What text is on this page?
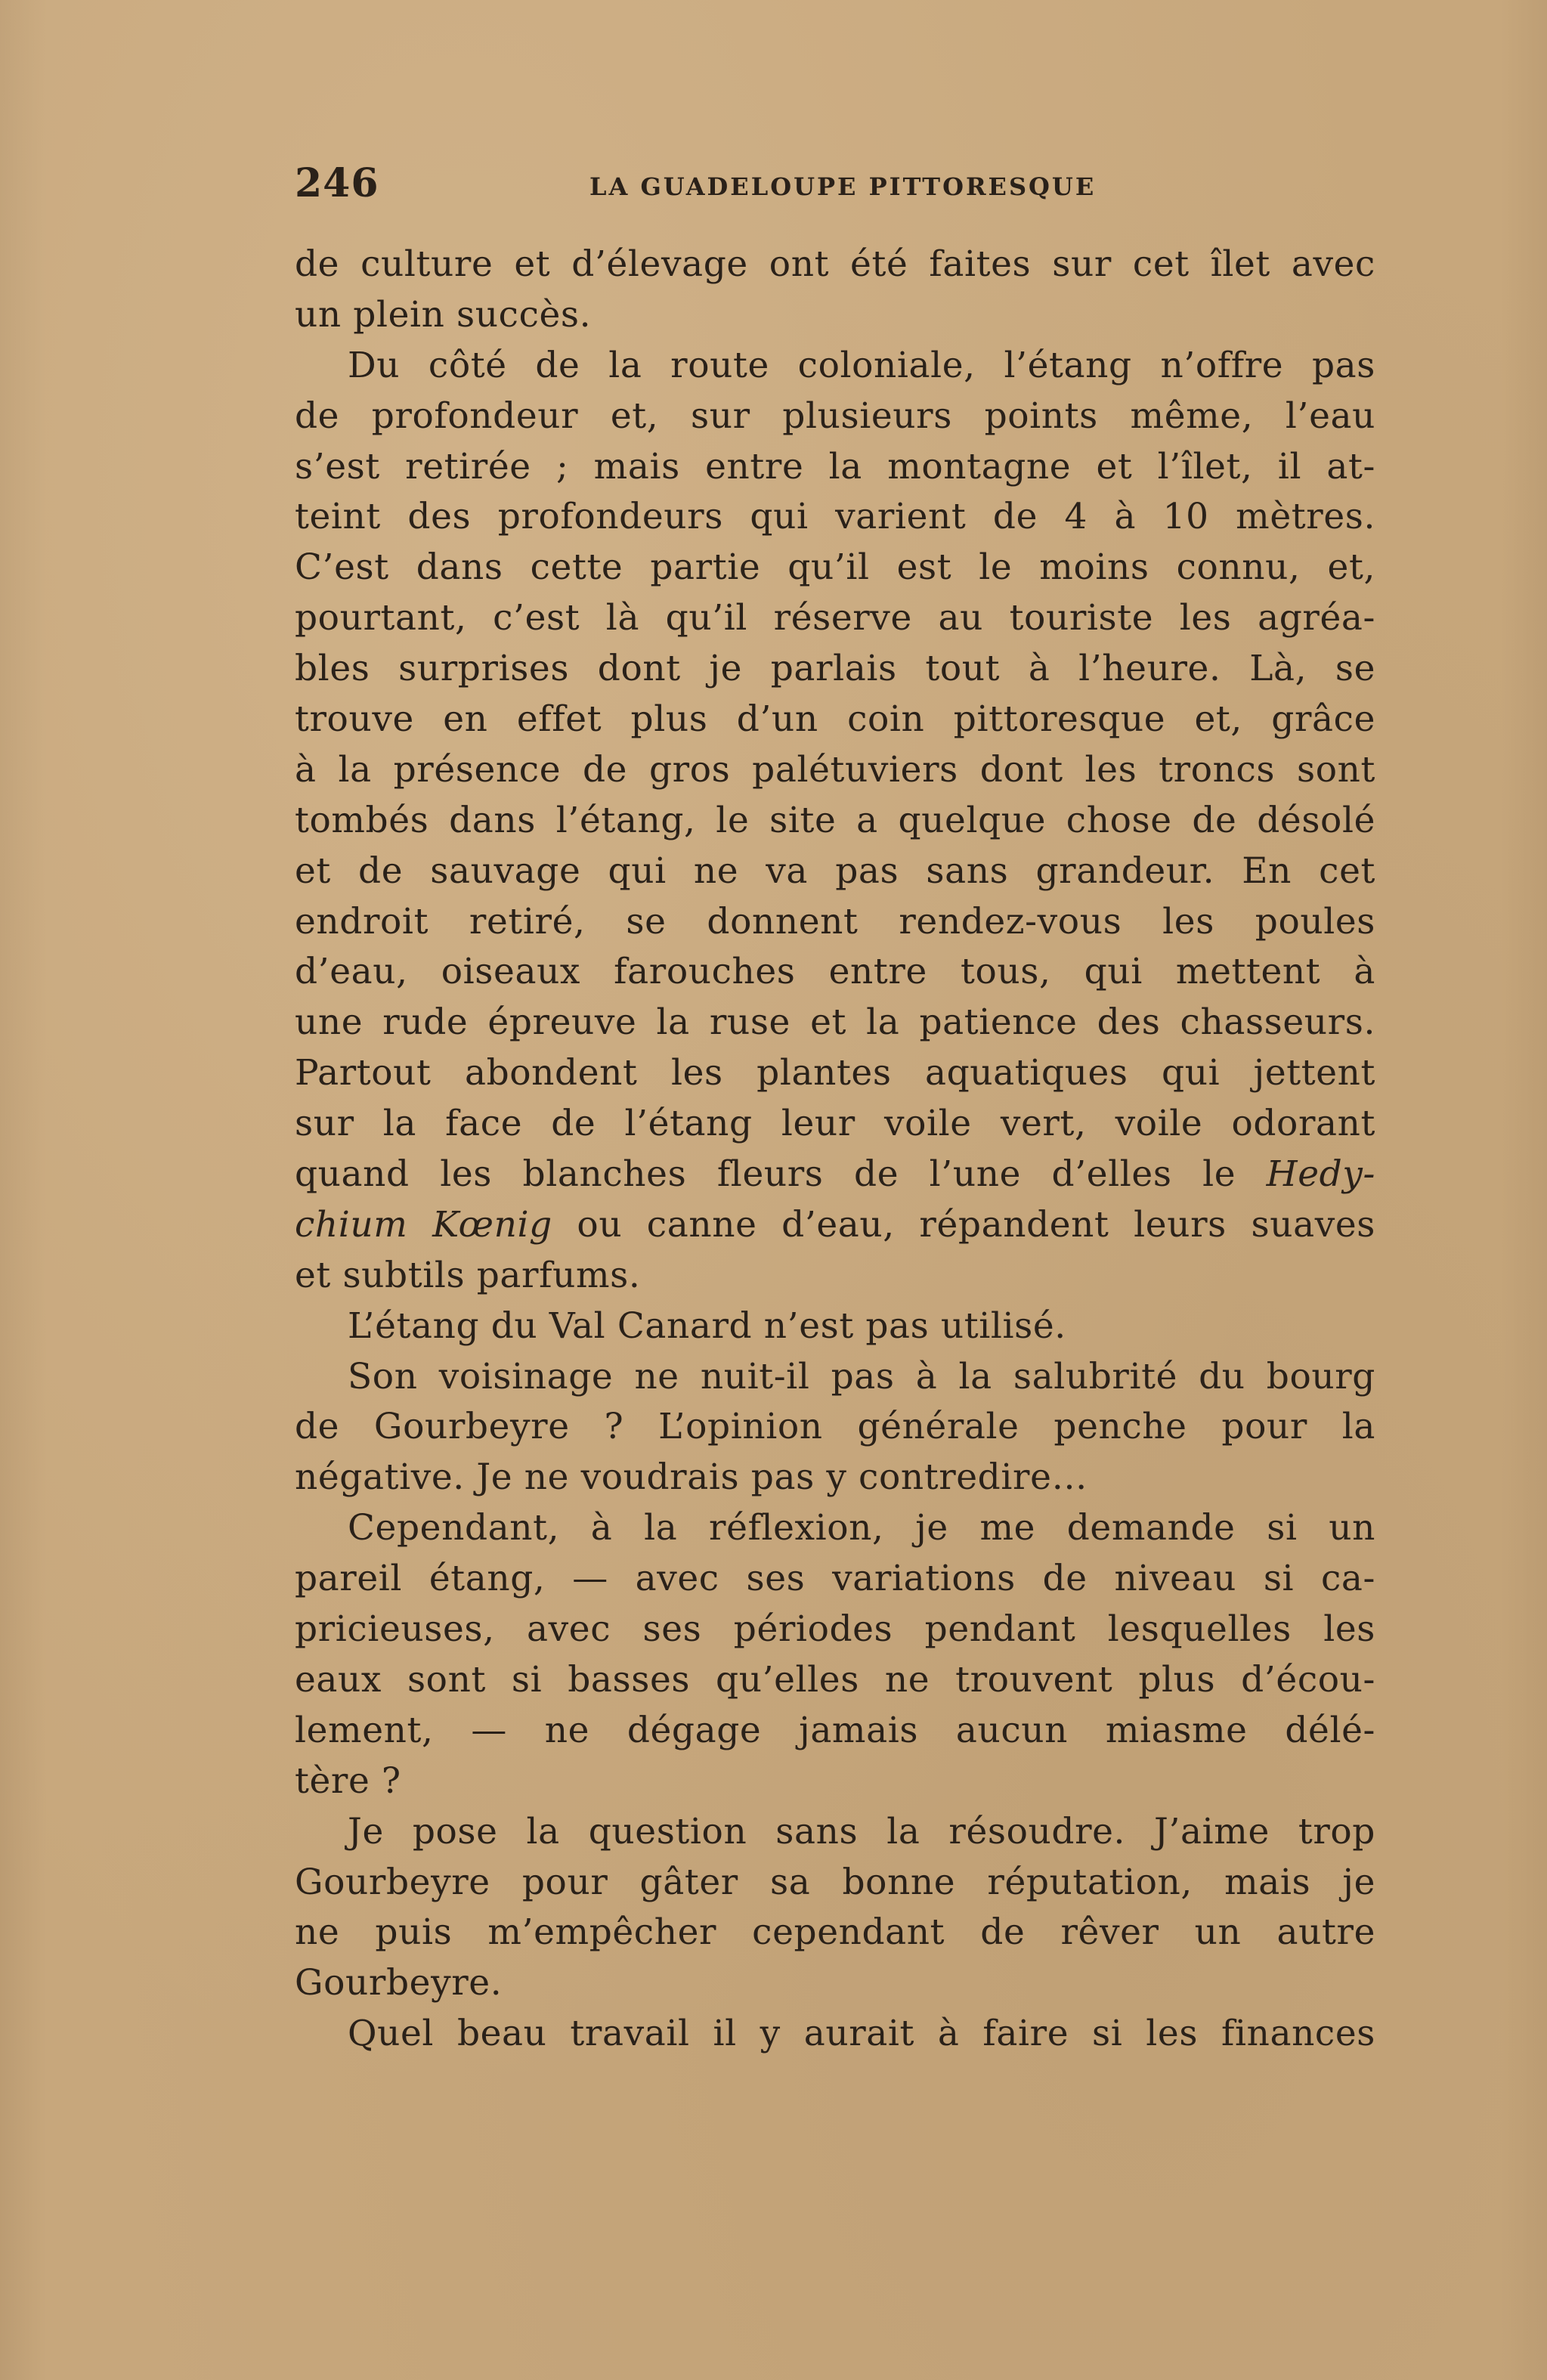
246	LA GUADELOUPE PITTORESQUE
de culture et d’élevage ont été faites sur cet îlet avec
un plein succès.
Du côté de la route coloniale, l’étang n’offre pas
de profondeur et, sur plusieurs points même, l’eau
s’est retirée ; mais entre la montagne et l’îlet, il at-
teint des profondeurs qui varient de 4 à 10 mètres.
C’est dans cette partie qu’il est le moins connu, et,
pourtant, c’est là qu’il réserve au touriste les agréa-
bles surprises dont je parlais tout à l’heure. Là, se
trouve en effet plus d’un coin pittoresque et, grâce
à la présence de gros palétuviers dont les troncs sont
tombés dans l’étang, le site a quelque chose de désolé
et de sauvage qui ne va pas sans grandeur. En cet
endroit retiré, se donnent rendez-vous les poules
d’eau, oiseaux farouches entre tous, qui mettent à
une rude épreuve la ruse et la patience des chasseurs.
Partout abondent les plantes aquatiques qui jettent
sur la face de l’étang leur voile vert, voile odorant
quand les blanches fleurs de l’une d’elles le Hedy-
chium Kœnig ou canne d’eau, répandent leurs suaves
et subtils parfums.
L’étang du Val Canard n’est pas utilisé.
Son voisinage ne nuit-il pas à la salubrité du bourg
de Gourbeyre ? L’opinion générale penche pour la
négative. Je ne voudrais pas y contredire…
Cependant, à la réflexion, je me demande si un
pareil étang, — avec ses variations de niveau si ca-
pricieuses, avec ses périodes pendant lesquelles les
eaux sont si basses qu’elles ne trouvent plus d’écou-
lement, — ne dégage jamais aucun miasme délé-
tère ?
Je pose la question sans la résoudre. J’aime trop
Gourbeyre pour gâter sa bonne réputation, mais je
ne puis m’empêcher cependant de rêver un autre
Gourbeyre.
Quel beau travail il y aurait à faire si les finances
